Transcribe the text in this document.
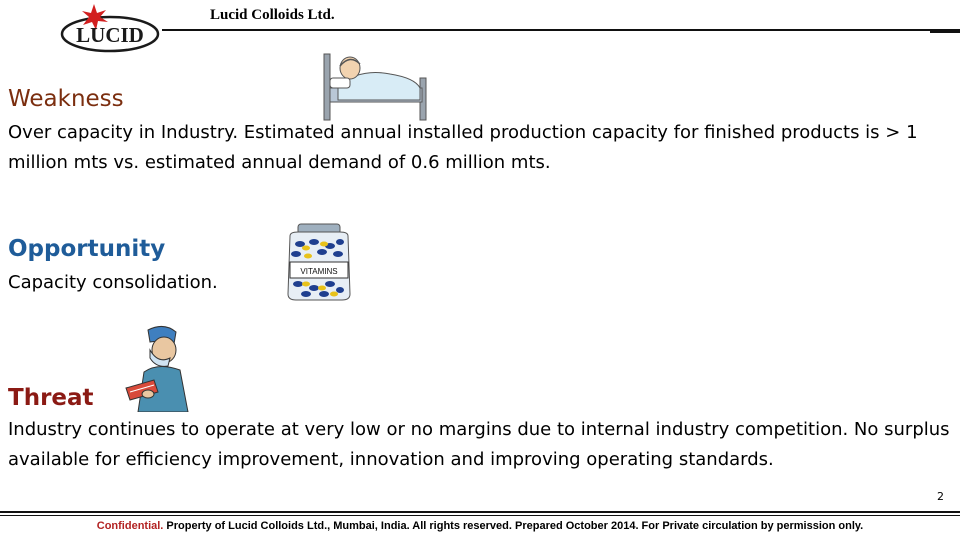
LUCID
Lucid Colloids Ltd.
Weakness
Over capacity in Industry. Estimated annual installed production capacity for finished products is > 1 million mts vs. estimated annual demand of 0.6 million mts.
Opportunity
Capacity consolidation.
VITAMINS
Threat
Industry continues to operate at very low or no margins due to internal industry competition. No surplus available for efficiency improvement, innovation and improving operating standards.
2
Confidential. Property of Lucid Colloids Ltd., Mumbai, India. All rights reserved. Prepared October 2014. For Private circulation by permission only.
